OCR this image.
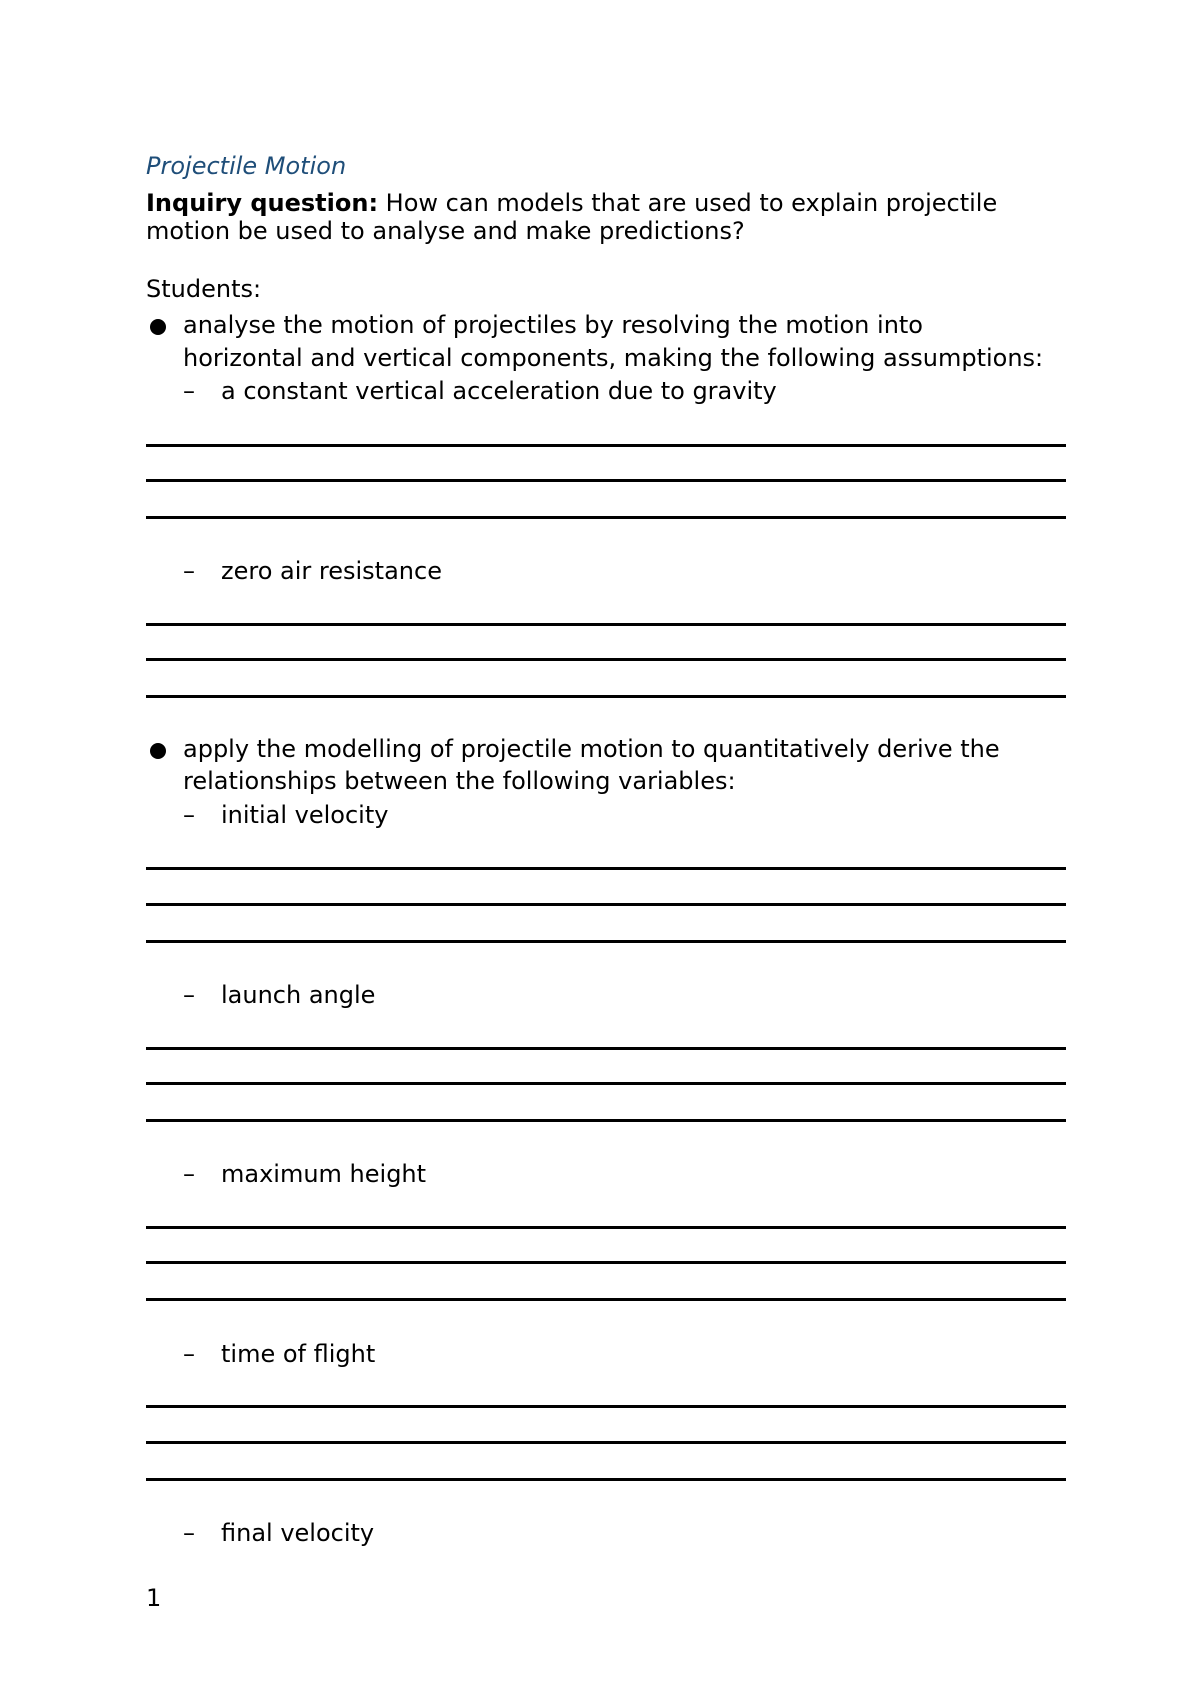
Projectile Motion
Inquiry question: How can models that are used to explain projectile
motion be used to analyse and make predictions?
Students:
analyse the motion of projectiles by resolving the motion into
horizontal and vertical components, making the following assumptions:
– a constant vertical acceleration due to gravity
– zero air resistance
apply the modelling of projectile motion to quantitatively derive the
relationships between the following variables:
– initial velocity
– launch angle
– maximum height
– time of flight
– final velocity
1
